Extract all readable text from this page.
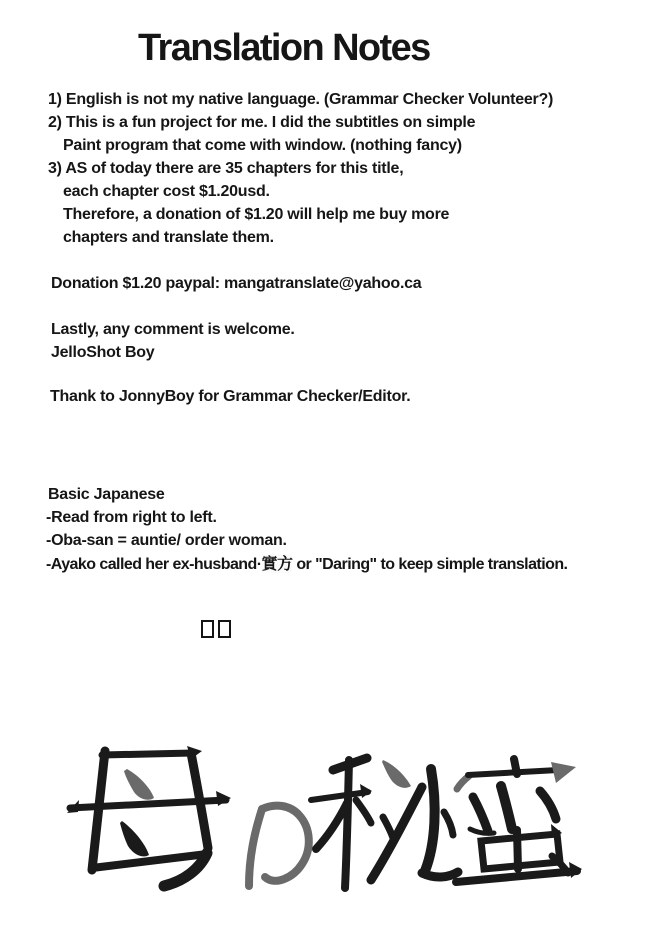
Translation Notes
1) English is not my native language. (Grammar Checker Volunteer?)
2) This is a fun project for me. I did the subtitles on simple
Paint program that come with window. (nothing fancy)
3) AS of today there are 35 chapters for this title,
each chapter cost $1.20usd.
Therefore, a donation of $1.20 will help me buy more
chapters and translate them.
Donation $1.20 paypal: mangatranslate@yahoo.ca
Lastly, any comment is welcome.
JelloShot Boy
Thank to JonnyBoy for Grammar Checker/Editor.
Basic Japanese
-Read from right to left.
-Oba-san = auntie/ order woman.
-Ayako called her ex-husband·實方 or "Daring" to keep simple translation.
